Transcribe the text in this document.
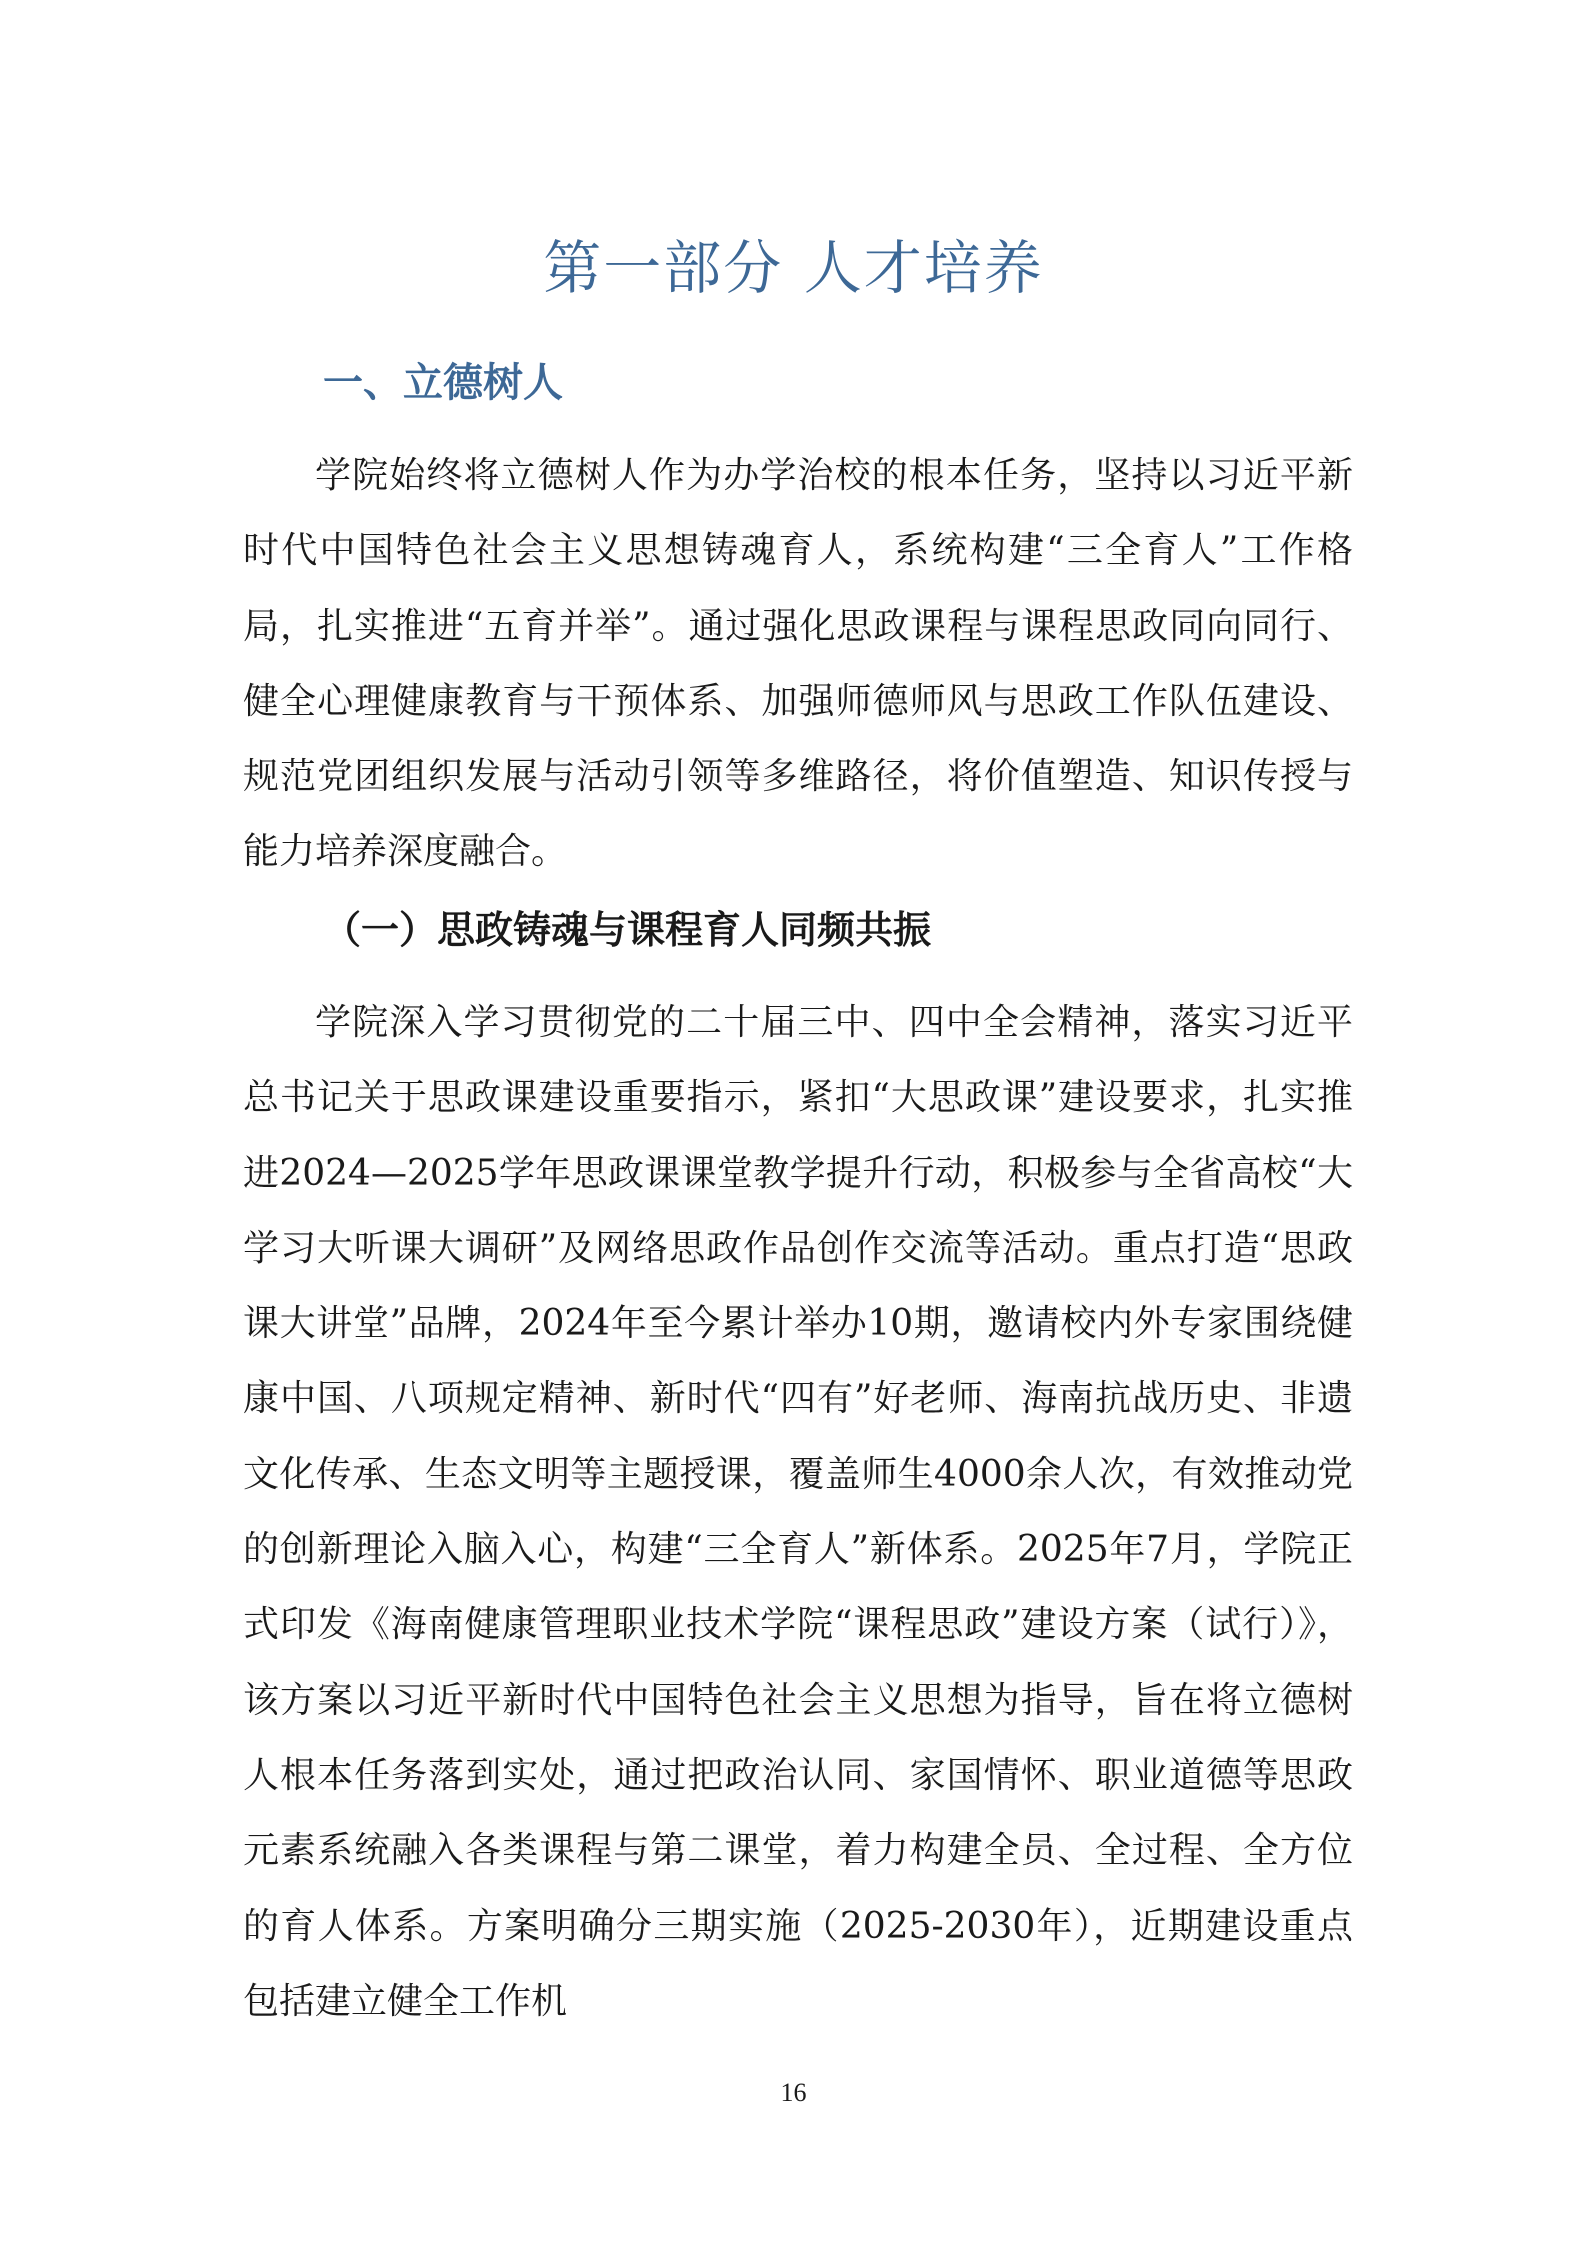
第一部分 人才培养
一、立德树人

学院始终将立德树人作为办学治校的根本任务，坚持以习近平新时代中国特色社会主义思想铸魂育人，系统构建“三全育人”工作格局，扎实推进“五育并举”。通过强化思政课程与课程思政同向同行、健全心理健康教育与干预体系、加强师德师风与思政工作队伍建设、规范党团组织发展与活动引领等多维路径，将价值塑造、知识传授与能力培养深度融合。

（一）思政铸魂与课程育人同频共振

学院深入学习贯彻党的二十届三中、四中全会精神，落实习近平总书记关于思政课建设重要指示，紧扣“大思政课”建设要求，扎实推进2024—2025学年思政课课堂教学提升行动，积极参与全省高校“大学习大听课大调研”及网络思政作品创作交流等活动。重点打造“思政课大讲堂”品牌，2024年至今累计举办10期，邀请校内外专家围绕健康中国、八项规定精神、新时代“四有”好老师、海南抗战历史、非遗文化传承、生态文明等主题授课，覆盖师生4000余人次，有效推动党的创新理论入脑入心，构建“三全育人”新体系。2025年7月，学院正式印发《海南健康管理职业技术学院“课程思政”建设方案（试行）》，该方案以习近平新时代中国特色社会主义思想为指导，旨在将立德树人根本任务落到实处，通过把政治认同、家国情怀、职业道德等思政元素系统融入各类课程与第二课堂，着力构建全员、全过程、全方位的育人体系。方案明确分三期实施（2025-2030年），近期建设重点包括建立健全工作机

16
